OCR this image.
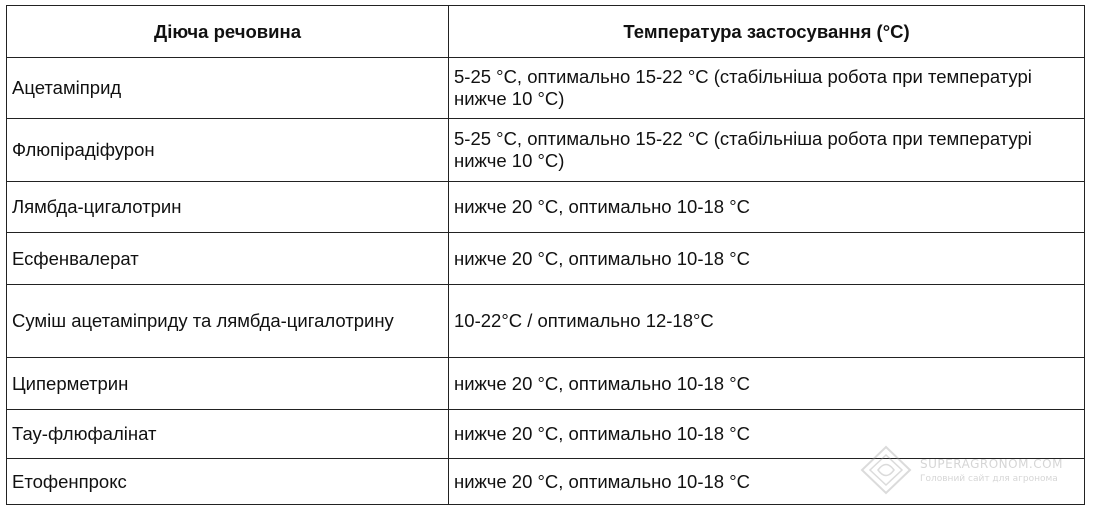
Діюча речовина	Температура застосування (°C)
Ацетаміприд	5-25 °C, оптимально 15-22 °C (стабільніша робота при температурі нижче 10 °C)
Флюпірадіфурон	5-25 °C, оптимально 15-22 °C (стабільніша робота при температурі нижче 10 °C)
Лямбда-цигалотрин	нижче 20 °C, оптимально 10-18 °C
Есфенвалерат	нижче 20 °C, оптимально 10-18 °C
Суміш ацетаміприду та лямбда-цигалотрину	10-22°C / оптимально 12-18°C
Циперметрин	нижче 20 °C, оптимально 10-18 °C
Тау-флюфалінат	нижче 20 °C, оптимально 10-18 °C
Етофенпрокс	нижче 20 °C, оптимально 10-18 °C
SUPERAGRONOM.COM
Головний сайт для агронома
